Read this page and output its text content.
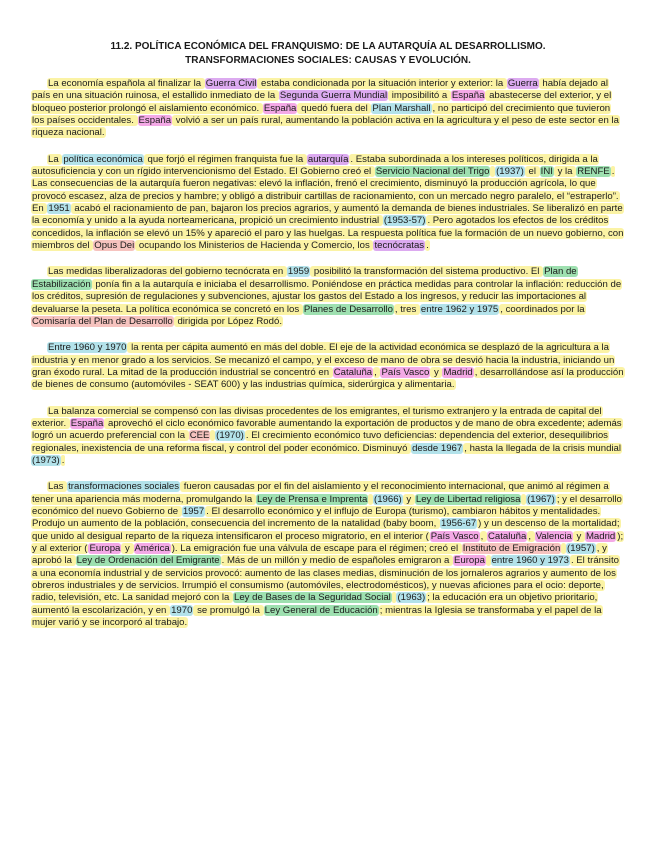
11.2. POLÍTICA ECONÓMICA DEL FRANQUISMO: DE LA AUTARQUÍA AL DESARROLLISMO.
TRANSFORMACIONES SOCIALES: CAUSAS Y EVOLUCIÓN.

La economía española al finalizar la Guerra Civil estaba condicionada por la situación interior y exterior: la Guerra había dejado al país en una situación ruinosa, el estallido inmediato de la Segunda Guerra Mundial imposibilitó a España abastecerse del exterior, y el bloqueo posterior prolongó el aislamiento económico. España quedó fuera del Plan Marshall , no participó del crecimiento que tuvieron los países occidentales. España volvió a ser un país rural, aumentando la población activa en la agricultura y el peso de este sector en la riqueza nacional.

La política económica que forjó el régimen franquista fue la autarquía . Estaba subordinada a los intereses políticos, dirigida a la autosuficiencia y con un rígido intervencionismo del Estado. El Gobierno creó el Servicio Nacional del Trigo (1937) el INI y la RENFE . Las consecuencias de la autarquía fueron negativas: elevó la inflación, frenó el crecimiento, disminuyó la producción agrícola, lo que provocó escasez, alza de precios y hambre; y obligó a distribuir cartillas de racionamiento, con un mercado negro paralelo, el “estraperlo”. En 1951 acabó el racionamiento de pan, bajaron los precios agrarios, y aumentó la demanda de bienes industriales. Se liberalizó en parte la economía y unido a la ayuda norteamericana, propició un crecimiento industrial (1953-57) . Pero agotados los efectos de los créditos concedidos, la inflación se elevó un 15% y apareció el paro y las huelgas. La respuesta política fue la formación de un nuevo gobierno, con miembros del Opus Dei ocupando los Ministerios de Hacienda y Comercio, los tecnócratas .

Las medidas liberalizadoras del gobierno tecnócrata en 1959 posibilitó la transformación del sistema productivo. El Plan de Estabilización ponía fin a la autarquía e iniciaba el desarrollismo. Poniéndose en práctica medidas para controlar la inflación: reducción de los créditos, supresión de regulaciones y subvenciones, ajustar los gastos del Estado a los ingresos, y reducir las importaciones al devaluarse la peseta. La política económica se concretó en los Planes de Desarrollo , tres entre 1962 y 1975 , coordinados por la Comisaría del Plan de Desarrollo dirigida por López Rodó.

Entre 1960 y 1970 la renta per cápita aumentó en más del doble. El eje de la actividad económica se desplazó de la agricultura a la industria y en menor grado a los servicios. Se mecanizó el campo, y el exceso de mano de obra se desvió hacia la industria, iniciando un gran éxodo rural. La mitad de la producción industrial se concentró en Cataluña , País Vasco y Madrid , desarrollándose así la producción de bienes de consumo (automóviles - SEAT 600) y las industrias química, siderúrgica y alimentaria.

La balanza comercial se compensó con las divisas procedentes de los emigrantes, el turismo extranjero y la entrada de capital del exterior. España aprovechó el ciclo económico favorable aumentando la exportación de productos y de mano de obra excedente; además logró un acuerdo preferencial con la CEE (1970) . El crecimiento económico tuvo deficiencias: dependencia del exterior, desequilibrios regionales, inexistencia de una reforma fiscal, y control del poder económico. Disminuyó desde 1967 , hasta la llegada de la crisis mundial (1973) .

Las transformaciones sociales fueron causadas por el fin del aislamiento y el reconocimiento internacional, que animó al régimen a tener una apariencia más moderna, promulgando la Ley de Prensa e Imprenta (1966) y Ley de Libertad religiosa (1967) ; y el desarrollo económico del nuevo Gobierno de 1957 . El desarrollo económico y el influjo de Europa (turismo), cambiaron hábitos y mentalidades. Produjo un aumento de la población, consecuencia del incremento de la natalidad (baby boom, 1956-67 ) y un descenso de la mortalidad; que unido al desigual reparto de la riqueza intensificaron el proceso migratorio, en el interior ( País Vasco , Cataluña , Valencia y Madrid ); y al exterior ( Europa y América ). La emigración fue una válvula de escape para el régimen; creó el Instituto de Emigración (1957) , y aprobó la Ley de Ordenación del Emigrante . Más de un millón y medio de españoles emigraron a Europa entre 1960 y 1973 . El tránsito a una economía industrial y de servicios provocó: aumento de las clases medias, disminución de los jornaleros agrarios y aumento de los obreros industriales y de servicios. Irrumpió el consumismo (automóviles, electrodomésticos), y nuevas aficiones para el ocio: deporte, radio, televisión, etc. La sanidad mejoró con la Ley de Bases de la Seguridad Social (1963) ; la educación era un objetivo prioritario, aumentó la escolarización, y en 1970 se promulgó la Ley General de Educación ; mientras la Iglesia se transformaba y el papel de la mujer varió y se incorporó al trabajo.
